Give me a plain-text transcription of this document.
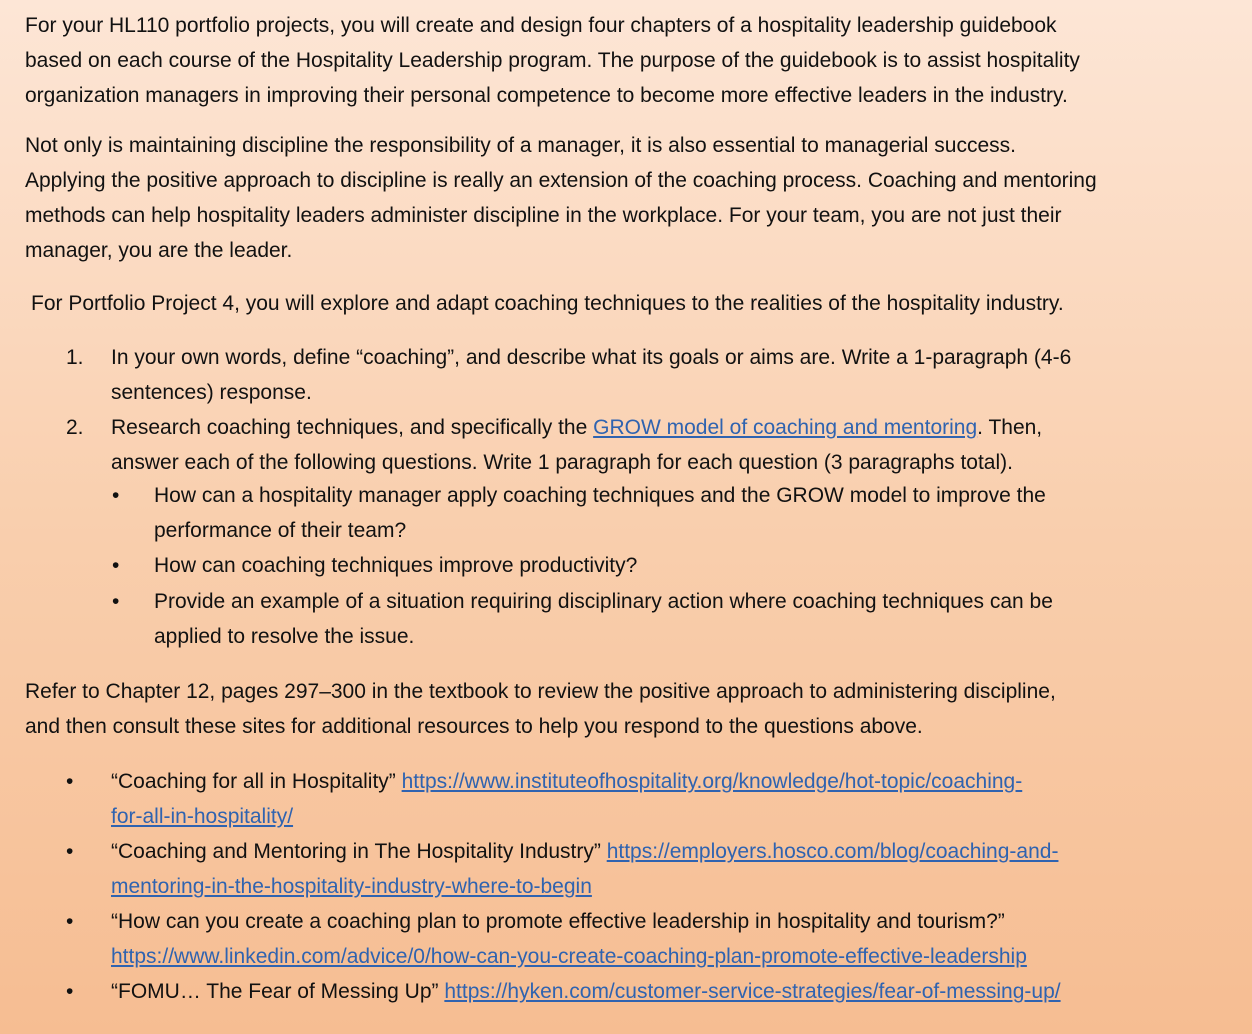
For your HL110 portfolio projects, you will create and design four chapters of a hospitality leadership guidebook
based on each course of the Hospitality Leadership program. The purpose of the guidebook is to assist hospitality
organization managers in improving their personal competence to become more effective leaders in the industry.
Not only is maintaining discipline the responsibility of a manager, it is also essential to managerial success.
Applying the positive approach to discipline is really an extension of the coaching process. Coaching and mentoring
methods can help hospitality leaders administer discipline in the workplace. For your team, you are not just their
manager, you are the leader.
For Portfolio Project 4, you will explore and adapt coaching techniques to the realities of the hospitality industry.
1. In your own words, define “coaching”, and describe what its goals or aims are. Write a 1-paragraph (4-6
sentences) response.
2. Research coaching techniques, and specifically the GROW model of coaching and mentoring. Then,
answer each of the following questions. Write 1 paragraph for each question (3 paragraphs total).
•	How can a hospitality manager apply coaching techniques and the GROW model to improve the
performance of their team?
•	How can coaching techniques improve productivity?
•	Provide an example of a situation requiring disciplinary action where coaching techniques can be
applied to resolve the issue.
Refer to Chapter 12, pages 297–300 in the textbook to review the positive approach to administering discipline,
and then consult these sites for additional resources to help you respond to the questions above.
•	“Coaching for all in Hospitality” https://www.instituteofhospitality.org/knowledge/hot-topic/coaching-
for-all-in-hospitality/
•	“Coaching and Mentoring in The Hospitality Industry” https://employers.hosco.com/blog/coaching-and-
mentoring-in-the-hospitality-industry-where-to-begin
•	“How can you create a coaching plan to promote effective leadership in hospitality and tourism?”
https://www.linkedin.com/advice/0/how-can-you-create-coaching-plan-promote-effective-leadership
•	“FOMU… The Fear of Messing Up” https://hyken.com/customer-service-strategies/fear-of-messing-up/
